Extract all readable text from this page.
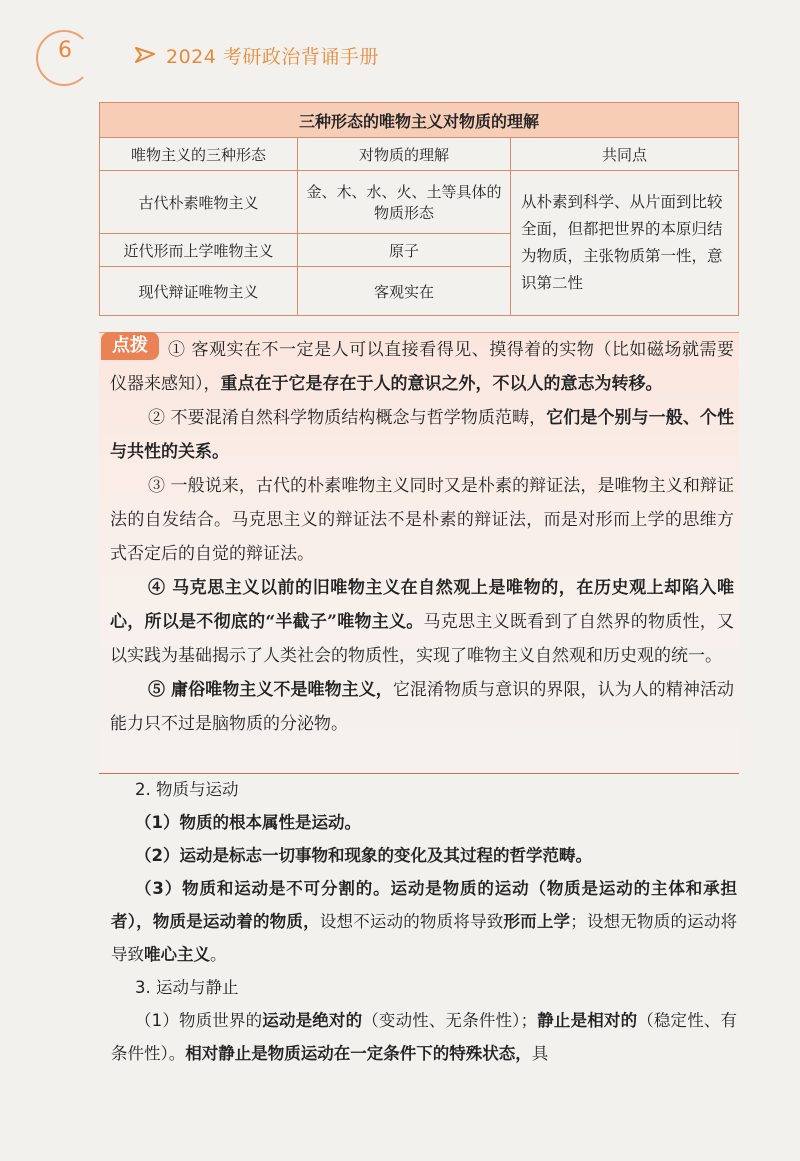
6	2024 考研政治背诵手册
三种形态的唯物主义对物质的理解		
唯物主义的三种形态	对物质的理解	共同点
古代朴素唯物主义	金、木、水、火、土等具体的物质形态	从朴素到科学、从片面到比较全面，但都把世界的本原归结为物质，主张物质第一性，意识第二性
近代形而上学唯物主义	原子	
现代辩证唯物主义	客观实在	
点拨	① 客观实在不一定是人可以直接看得见、摸得着的实物（比如磁场就需要仪器来感知），重点在于它是存在于人的意识之外，不以人的意志为转移。

② 不要混淆自然科学物质结构概念与哲学物质范畴，它们是个别与一般、个性与共性的关系。

③ 一般说来，古代的朴素唯物主义同时又是朴素的辩证法，是唯物主义和辩证法的自发结合。马克思主义的辩证法不是朴素的辩证法，而是对形而上学的思维方式否定后的自觉的辩证法。

④ 马克思主义以前的旧唯物主义在自然观上是唯物的，在历史观上却陷入唯心，所以是不彻底的“半截子”唯物主义。马克思主义既看到了自然界的物质性，又以实践为基础揭示了人类社会的物质性，实现了唯物主义自然观和历史观的统一。

⑤ 庸俗唯物主义不是唯物主义，它混淆物质与意识的界限，认为人的精神活动能力只不过是脑物质的分泌物。

2. 物质与运动

（1）物质的根本属性是运动。

（2）运动是标志一切事物和现象的变化及其过程的哲学范畴。

（3）物质和运动是不可分割的。运动是物质的运动（物质是运动的主体和承担者），物质是运动着的物质，设想不运动的物质将导致形而上学；设想无物质的运动将导致唯心主义。

3. 运动与静止

（1）物质世界的运动是绝对的（变动性、无条件性）；静止是相对的（稳定性、有条件性）。相对静止是物质运动在一定条件下的特殊状态，具
